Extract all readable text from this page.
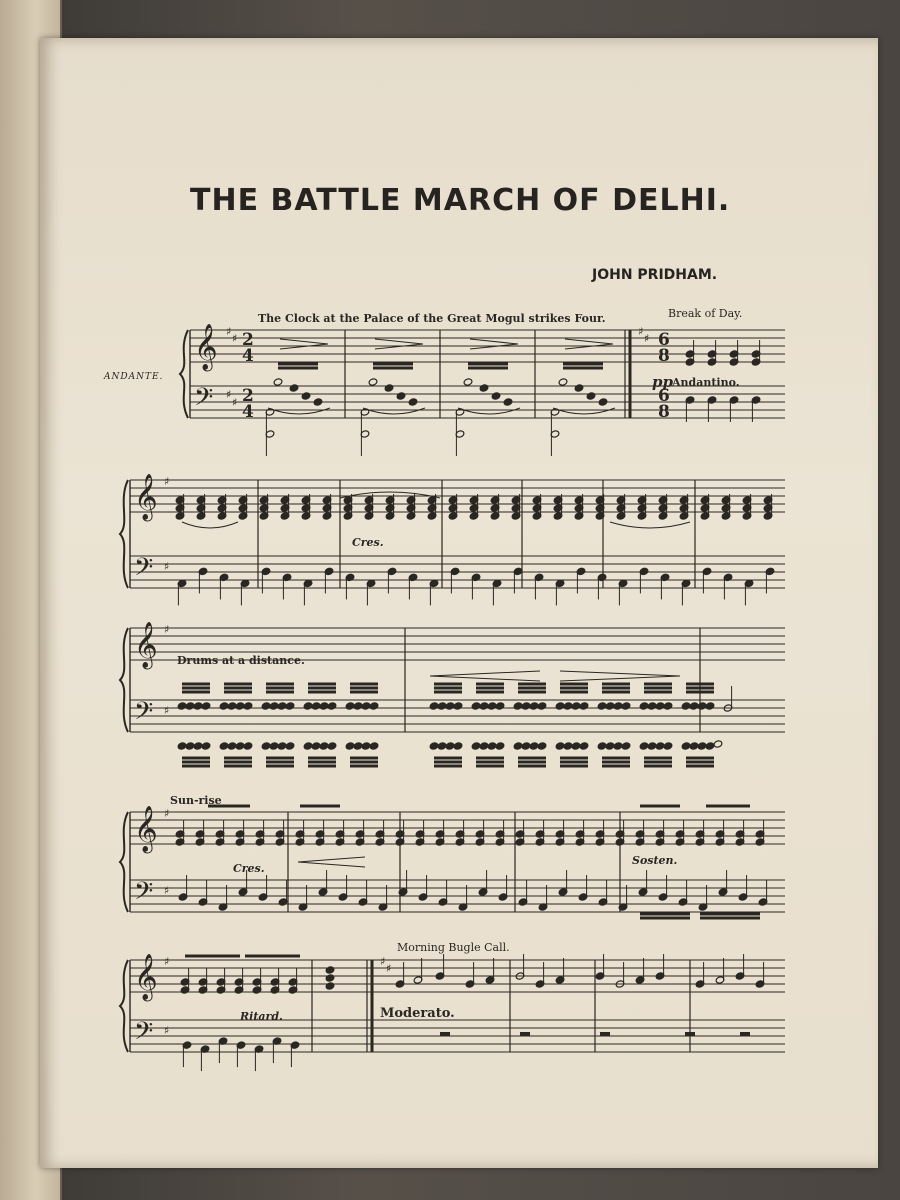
THE BATTLE MARCH OF DELHI.
JOHN PRIDHAM.
𝄞
𝄢
♯
♯
♯
♯
2
4
2
4
♯
♯ 6
8
6
8
𝄞
𝄢
♯
♯
𝄞
𝄢
♯
♯
𝄞
𝄢
♯
♯
𝄞
𝄢
♯
♯
♯
♯
The Clock at the Palace of the Great Mogul strikes Four.	Break of Day.
ANDANTE.	pp Andantino.
Cres.
Drums at a distance.
Sun-rise
Cres.
Sosten.
Ritard.
Morning Bugle Call.
Moderato.
